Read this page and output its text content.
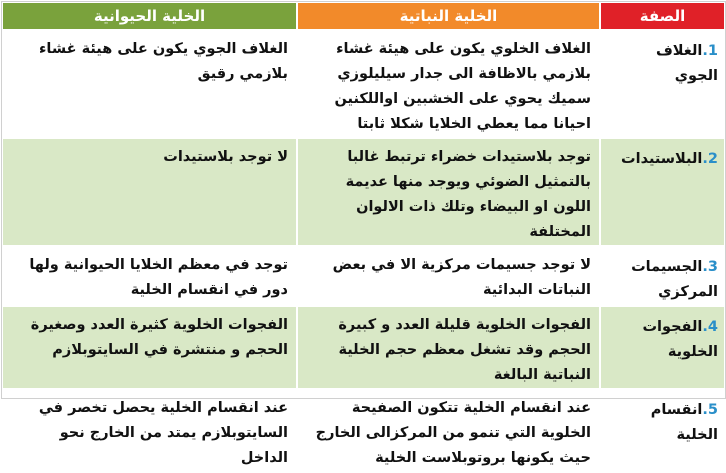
الصفة	الخلية النباتية	الخلية الحيوانية
1.الغلاف الجوي	الغلاف الخلوي يكون على هيئة غشاء بلازمي بالاظافة الى جدار سيليلوزي سميك يحوي على الخشبين اواللكنين احيانا مما يعطي الخلايا شكلا ثابتا	الغلاف الجوي يكون على هيئة غشاء بلازمي رقيق
2.البلاستيدات	توجد بلاستيدات خضراء ترتبط غالبا بالتمثيل الضوئي ويوجد منها عديمة اللون او البيضاء وتلك ذات الالوان المختلفة	لا توجد بلاستيدات
3.الجسيمات المركزي	لا توجد جسيمات مركزية الا في بعض النباتات البدائية	توجد في معظم الخلايا الحيوانية ولها دور في انقسام الخلية
4.الفجوات الخلوية	الفجوات الخلوية قليلة العدد و كبيرة الحجم وقد تشغل معظم حجم الخلية النباتية البالغة	الفجوات الخلوية كثيرة العدد وصغيرة الحجم و منتشرة في السايتوبلازم
5.انقسام الخلية	عند انقسام الخلية تتكون الصفيحة الخلوية التي تنمو من المركزالى الخارج حيث يكونها بروتوبلاست الخلية	عند انقسام الخلية يحصل تخصر في السايتوبلازم يمتد من الخارج نحو الداخل
